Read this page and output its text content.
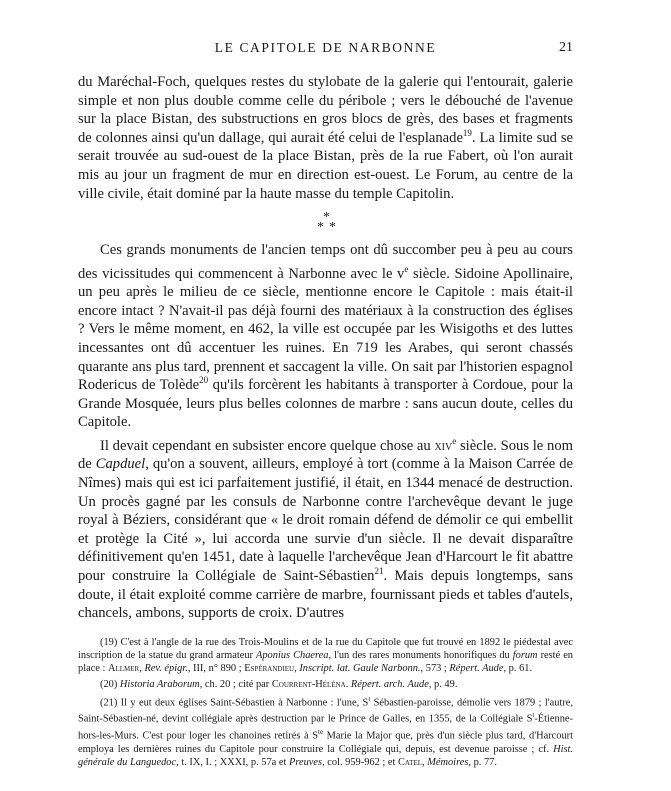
LE CAPITOLE DE NARBONNE	21

du Maréchal-Foch, quelques restes du stylobate de la galerie qui l'entourait, galerie simple et non plus double comme celle du péribole ; vers le débouché de l'avenue sur la place Bistan, des substructions en gros blocs de grès, des bases et fragments de colonnes ainsi qu'un dallage, qui aurait été celui de l'esplanade$^{19}$. La limite sud se serait trouvée au sud-ouest de la place Bistan, près de la rue Fabert, où l'on aurait mis au jour un fragment de mur en direction est-ouest. Le Forum, au centre de la ville civile, était dominé par la haute masse du temple Capitolin.

*
* *

Ces grands monuments de l'ancien temps ont dû succomber peu à peu au cours des vicissitudes qui commencent à Narbonne avec le $v^e$ siècle. Sidoine Apollinaire, un peu après le milieu de ce siècle, mentionne encore le Capitole : mais était-il encore intact ? N'avait-il pas déjà fourni des matériaux à la construction des églises ? Vers le même moment, en 462, la ville est occupée par les Wisigoths et des luttes incessantes ont dû accentuer les ruines. En 719 les Arabes, qui seront chassés quarante ans plus tard, prennent et saccagent la ville. On sait par l'historien espagnol Rodericus de Tolède$^{20}$ qu'ils forcèrent les habitants à transporter à Cordoue, pour la Grande Mosquée, leurs plus belles colonnes de marbre : sans aucun doute, celles du Capitole.

Il devait cependant en subsister encore quelque chose au xiv$^e$ siècle. Sous le nom de Capduel, qu'on a souvent, ailleurs, employé à tort (comme à la Maison Carrée de Nîmes) mais qui est ici parfaitement justifié, il était, en 1344 menacé de destruction. Un procès gagné par les consuls de Narbonne contre l'archevêque devant le juge royal à Béziers, considérant que « le droit romain défend de démolir ce qui embellit et protège la Cité », lui accorda une survie d'un siècle. Il ne devait disparaître définitivement qu'en 1451, date à laquelle l'archevêque Jean d'Harcourt le fit abattre pour construire la Collégiale de Saint-Sébastien$^{21}$. Mais depuis longtemps, sans doute, il était exploité comme carrière de marbre, fournissant pieds et tables d'autels, chancels, ambons, supports de croix. D'autres

(19) C'est à l'angle de la rue des Trois-Moulins et de la rue du Capitole que fut trouvé en 1892 le piédestal avec inscription de la statue du grand armateur Aponius Chaerea, l'un des rares monuments honorifiques du forum resté en place : Allmer, Rev. épigr., III, n° 890 ; Espérandieu, Inscript. lat. Gaule Narbonn., 573 ; Répert. Aude, p. 61.

(20) Historia Araborum, ch. 20 ; cité par Courrent-Héléna. Répert. arch. Aude, p. 49.

(21) Il y eut deux églises Saint-Sébastien à Narbonne : l'une, $S^t$ Sébastien-paroisse, démolie vers 1879 ; l'autre, Saint-Sébastien-né, devint collégiale après destruction par le Prince de Galles, en 1355, de la Collégiale $S^t-Étienne-hors-les$-Murs. C'est pour loger les chanoines retirés à $S^{te}$ Marie la Major que, près d'un siècle plus tard, d'Harcourt employa les dernières ruines du Capitole pour construire la Collégiale qui, depuis, est devenue paroisse ; cf. Hist. générale du Languedoc, t. IX, I. ; XXXI, p. 57a et Preuves, col. 959-962 ; et Catel, Mémoires, p. 77.
